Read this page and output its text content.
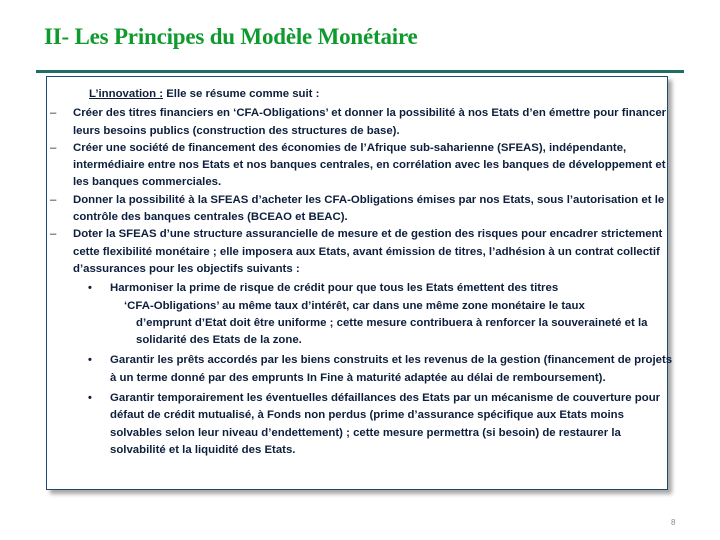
II- Les Principes du Modèle Monétaire

L’innovation : Elle se résume comme suit :

– Créer des titres financiers en ‘CFA-Obligations’ et donner la possibilité à nos Etats d’en émettre pour financer leurs besoins publics (construction des structures de base).

– Créer une société de financement des économies de l’Afrique sub-saharienne (SFEAS), indépendante, intermédiaire entre nos Etats et nos banques centrales, en corrélation avec les banques de développement et les banques commerciales.

– Donner la possibilité à la SFEAS d’acheter les CFA-Obligations émises par nos Etats, sous l’autorisation et le contrôle des banques centrales (BCEAO et BEAC).

– Doter la SFEAS d’une structure assurancielle de mesure et de gestion des risques pour encadrer strictement cette flexibilité monétaire ; elle imposera aux Etats, avant émission de titres, l’adhésion à un contrat collectif d’assurances pour les objectifs suivants :

• Harmoniser la prime de risque de crédit pour que tous les Etats émettent des titres
‘CFA-Obligations’ au même taux d’intérêt, car dans une même zone monétaire le taux
d’emprunt d’Etat doit être uniforme ; cette mesure contribuera à renforcer la souveraineté et la solidarité des Etats de la zone.
• Garantir les prêts accordés par les biens construits et les revenus de la gestion (financement de projets à un terme donné par des emprunts In Fine à maturité adaptée au délai de remboursement).
• Garantir temporairement les éventuelles défaillances des Etats par un mécanisme de couverture pour défaut de crédit mutualisé, à Fonds non perdus (prime d’assurance spécifique aux Etats moins solvables selon leur niveau d’endettement) ; cette mesure permettra (si besoin) de restaurer la solvabilité et la liquidité des Etats.
8
